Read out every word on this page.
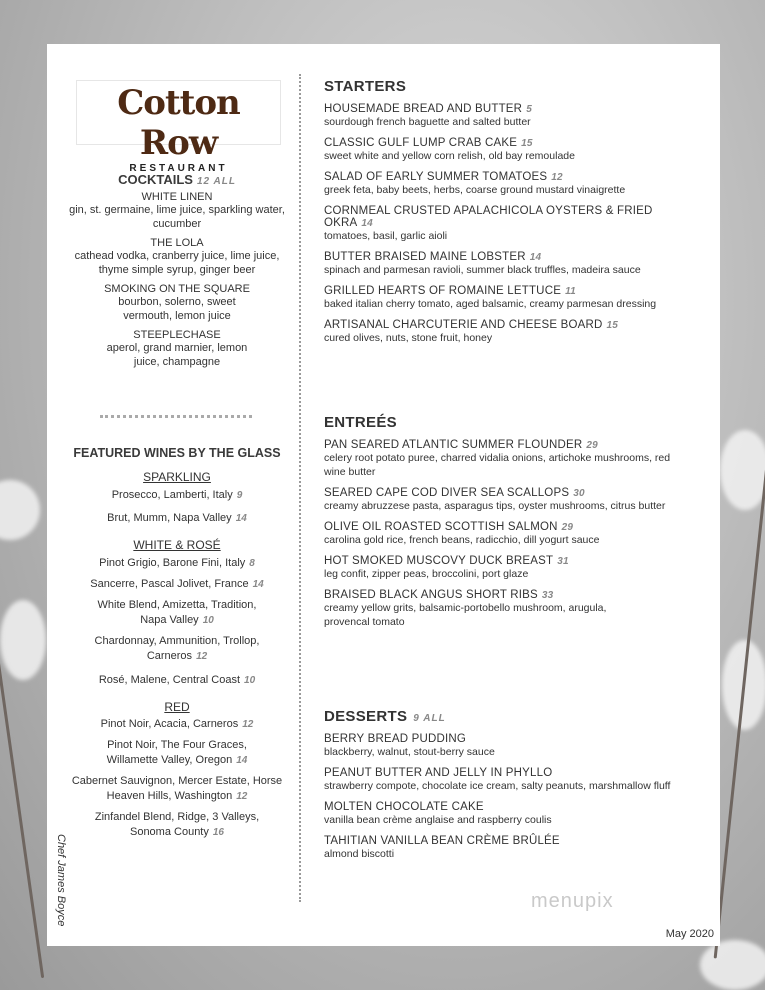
Cotton Row
RESTAURANT
COCKTAILS 12 ALL
WHITE LINEN
gin, st. germaine, lime juice, sparkling water, cucumber
THE LOLA
cathead vodka, cranberry juice, lime juice, thyme simple syrup, ginger beer
SMOKING ON THE SQUARE
bourbon, solerno, sweet vermouth, lemon juice
STEEPLECHASE
aperol, grand marnier, lemon juice, champagne
FEATURED WINES BY THE GLASS
SPARKLING
Prosecco, Lamberti, Italy 9
Brut, Mumm, Napa Valley 14
WHITE & ROSÉ
Pinot Grigio, Barone Fini, Italy 8
Sancerre, Pascal Jolivet, France 14
White Blend, Amizetta, Tradition, Napa Valley 10
Chardonnay, Ammunition, Trollop, Carneros 12
Rosé, Malene, Central Coast 10
RED
Pinot Noir, Acacia, Carneros 12
Pinot Noir, The Four Graces, Willamette Valley, Oregon 14
Cabernet Sauvignon, Mercer Estate, Horse Heaven Hills, Washington 12
Zinfandel Blend, Ridge, 3 Valleys, Sonoma County 16
STARTERS
HOUSEMADE BREAD AND BUTTER 5
sourdough french baguette and salted butter
CLASSIC GULF LUMP CRAB CAKE 15
sweet white and yellow corn relish, old bay remoulade
SALAD OF EARLY SUMMER TOMATOES 12
greek feta, baby beets, herbs, coarse ground mustard vinaigrette
CORNMEAL CRUSTED APALACHICOLA OYSTERS & FRIED OKRA 14
tomatoes, basil, garlic aioli
BUTTER BRAISED MAINE LOBSTER 14
spinach and parmesan ravioli, summer black truffles, madeira sauce
GRILLED HEARTS OF ROMAINE LETTUCE 11
baked italian cherry tomato, aged balsamic, creamy parmesan dressing
ARTISANAL CHARCUTERIE AND CHEESE BOARD 15
cured olives, nuts, stone fruit, honey
ENTREÉS
PAN SEARED ATLANTIC SUMMER FLOUNDER 29
celery root potato puree, charred vidalia onions, artichoke mushrooms, red wine butter
SEARED CAPE COD DIVER SEA SCALLOPS 30
creamy abruzzese pasta, asparagus tips, oyster mushrooms, citrus butter
OLIVE OIL ROASTED SCOTTISH SALMON 29
carolina gold rice, french beans, radicchio, dill yogurt sauce
HOT SMOKED MUSCOVY DUCK BREAST 31
leg confit, zipper peas, broccolini, port glaze
BRAISED BLACK ANGUS SHORT RIBS 33
creamy yellow grits, balsamic-portobello mushroom, arugula, provencal tomato
DESSERTS 9 ALL
BERRY BREAD PUDDING
blackberry, walnut, stout-berry sauce
PEANUT BUTTER AND JELLY IN PHYLLO
strawberry compote, chocolate ice cream, salty peanuts, marshmallow fluff
MOLTEN CHOCOLATE CAKE
vanilla bean crème anglaise and raspberry coulis
TAHITIAN VANILLA BEAN CRÈME BRÛLÉE
almond biscotti
Chef James Boyce	menupix
May 2020
